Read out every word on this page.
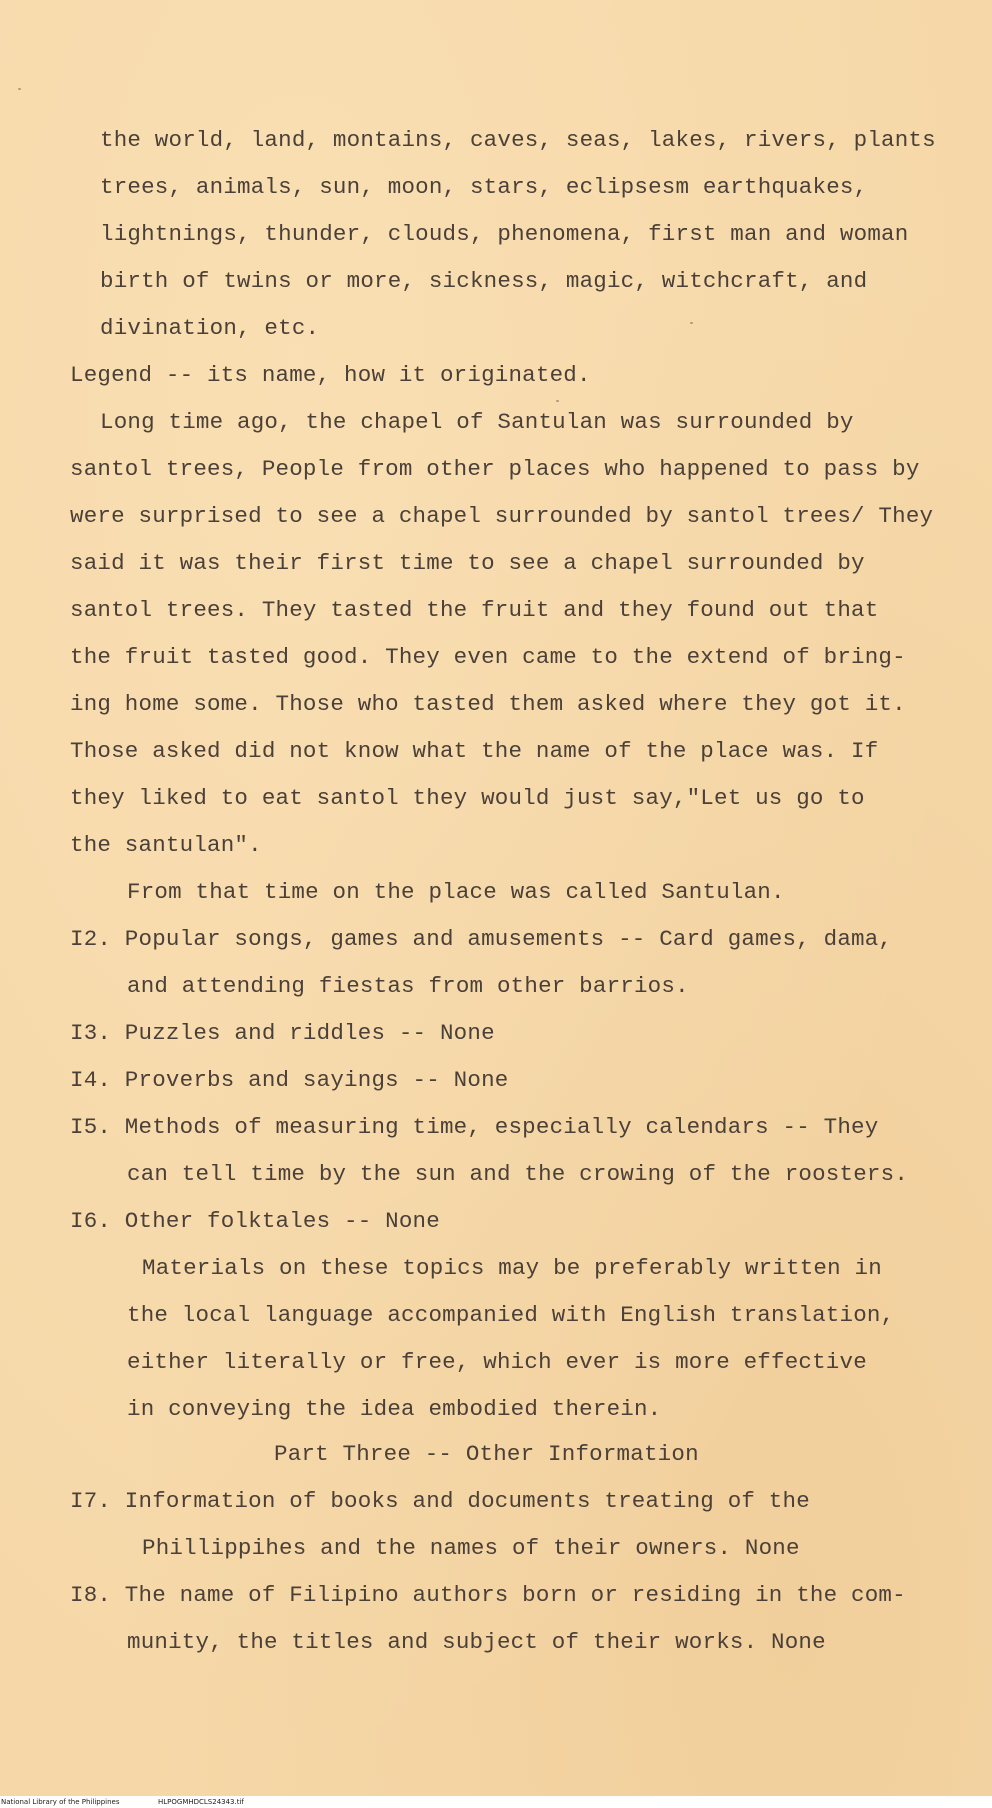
the world, land, montains, caves, seas, lakes, rivers, plants
trees, animals, sun, moon, stars, eclipsesm earthquakes,
lightnings, thunder, clouds, phenomena, first man and woman
birth of twins or more, sickness, magic, witchcraft, and
divination, etc.
Legend -- its name, how it originated.
Long time ago, the chapel of Santulan was surrounded by
santol trees, People from other places who happened to pass by
were surprised to see a chapel surrounded by santol trees/ They
said it was their first time to see a chapel surrounded by
santol trees. They tasted the fruit and they found out that
the fruit tasted good. They even came to the extend of bring-
ing home some. Those who tasted them asked where they got it.
Those asked did not know what the name of the place was. If
they liked to eat santol they would just say,"Let us go to
the santulan".
From that time on the place was called Santulan.
I2. Popular songs, games and amusements -- Card games, dama,
and attending fiestas from other barrios.
I3. Puzzles and riddles -- None
I4. Proverbs and sayings -- None
I5. Methods of measuring time, especially calendars -- They
can tell time by the sun and the crowing of the roosters.
I6. Other folktales -- None
Materials on these topics may be preferably written in
the local language accompanied with English translation,
either literally or free, which ever is more effective
in conveying the idea embodied therein.
Part Three -- Other Information
I7. Information of books and documents treating of the
Phillippihes and the names of their owners. None
I8. The name of Filipino authors born or residing in the com-
munity, the titles and subject of their works. None
National Library of the Philippines	HLPOGMHDCLS24343.tif
